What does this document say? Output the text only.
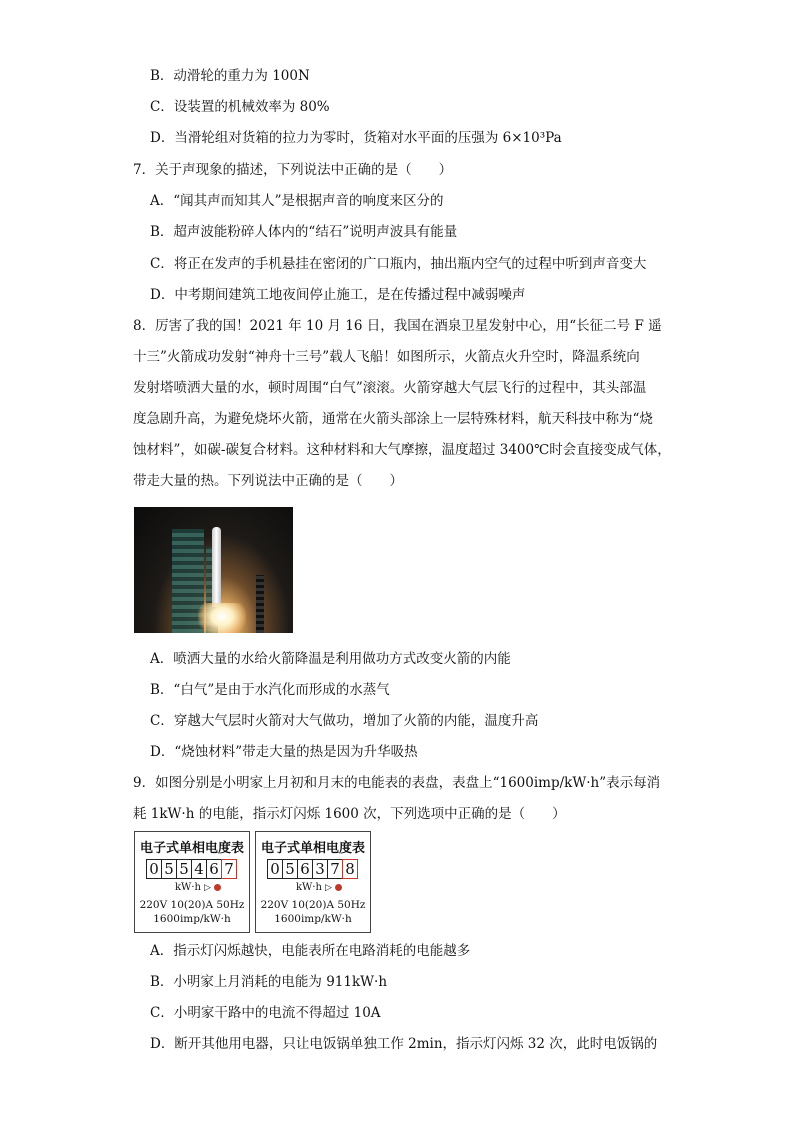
B．动滑轮的重力为 100N
C．设装置的机械效率为 80%
D．当滑轮组对货箱的拉力为零时，货箱对水平面的压强为 6×10³Pa
7．关于声现象的描述，下列说法中正确的是（　　）
A．“闻其声而知其人”是根据声音的响度来区分的
B．超声波能粉碎人体内的“结石”说明声波具有能量
C．将正在发声的手机悬挂在密闭的广口瓶内，抽出瓶内空气的过程中听到声音变大
D．中考期间建筑工地夜间停止施工，是在传播过程中减弱噪声
8．厉害了我的国！2021 年 10 月 16 日，我国在酒泉卫星发射中心，用“长征二号 F 遥
十三”火箭成功发射“神舟十三号”载人飞船！如图所示，火箭点火升空时，降温系统向
发射塔喷洒大量的水，顿时周围“白气”滚滚。火箭穿越大气层飞行的过程中，其头部温
度急剧升高，为避免烧坏火箭，通常在火箭头部涂上一层特殊材料，航天科技中称为“烧
蚀材料”，如碳-碳复合材料。这种材料和大气摩擦，温度超过 3400℃时会直接变成气体，
带走大量的热。下列说法中正确的是（　　）
A．喷洒大量的水给火箭降温是利用做功方式改变火箭的内能
B．“白气”是由于水汽化而形成的水蒸气
C．穿越大气层时火箭对大气做功，增加了火箭的内能，温度升高
D．“烧蚀材料”带走大量的热是因为升华吸热
9．如图分别是小明家上月初和月末的电能表的表盘，表盘上“1600imp/kW·h”表示每消
耗 1kW·h 的电能，指示灯闪烁 1600 次，下列选项中正确的是（　　）
电子式单相电度表
0 5 5 4 6 7
kW·h ▷
220V 10(20)A 50Hz
1600imp/kW·h
电子式单相电度表
0 5 6 3 7 8
kW·h ▷
220V 10(20)A 50Hz
1600imp/kW·h
A．指示灯闪烁越快，电能表所在电路消耗的电能越多
B．小明家上月消耗的电能为 911kW·h
C．小明家干路中的电流不得超过 10A
D．断开其他用电器，只让电饭锅单独工作 2min，指示灯闪烁 32 次，此时电饭锅的
